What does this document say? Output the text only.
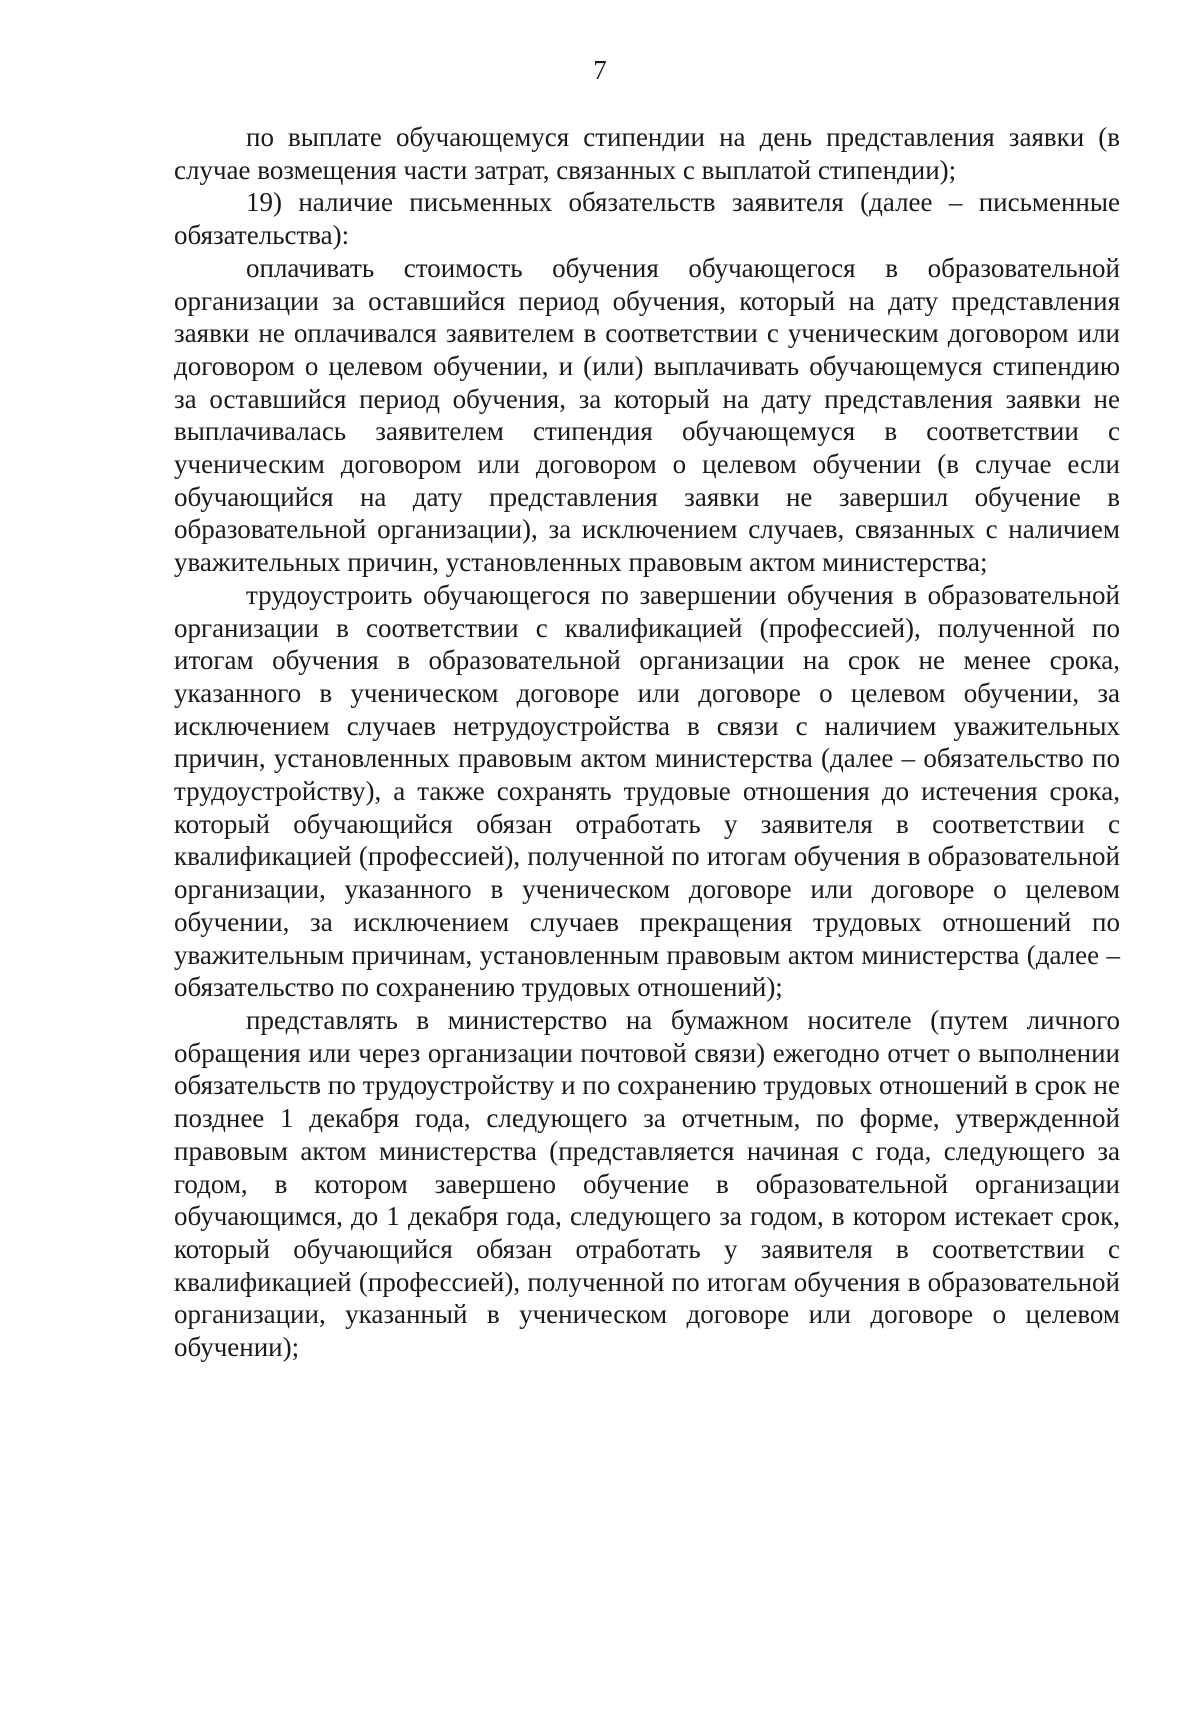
7

по выплате обучающемуся стипендии на день представления заявки (в случае возмещения части затрат, связанных с выплатой стипендии);

19) наличие письменных обязательств заявителя (далее – письменные обязательства):

оплачивать стоимость обучения обучающегося в образовательной организации за оставшийся период обучения, который на дату представления заявки не оплачивался заявителем в соответствии с ученическим договором или договором о целевом обучении, и (или) выплачивать обучающемуся стипендию за оставшийся период обучения, за который на дату представления заявки не выплачивалась заявителем стипендия обучающемуся в соответствии с ученическим договором или договором о целевом обучении (в случае если обучающийся на дату представления заявки не завершил обучение в образовательной организации), за исключением случаев, связанных с наличием уважительных причин, установленных правовым актом министерства;

трудоустроить обучающегося по завершении обучения в образовательной организации в соответствии с квалификацией (профессией), полученной по итогам обучения в образовательной организации на срок не менее срока, указанного в ученическом договоре или договоре о целевом обучении, за исключением случаев нетрудоустройства в связи с наличием уважительных причин, установленных правовым актом министерства (далее – обязательство по трудоустройству), а также сохранять трудовые отношения до истечения срока, который обучающийся обязан отработать у заявителя в соответствии с квалификацией (профессией), полученной по итогам обучения в образовательной организации, указанного в ученическом договоре или договоре о целевом обучении, за исключением случаев прекращения трудовых отношений по уважительным причинам, установленным правовым актом министерства (далее – обязательство по сохранению трудовых отношений);

представлять в министерство на бумажном носителе (путем личного обращения или через организации почтовой связи) ежегодно отчет о выполнении обязательств по трудоустройству и по сохранению трудовых отношений в срок не позднее 1 декабря года, следующего за отчетным, по форме, утвержденной правовым актом министерства (представляется начиная с года, следующего за годом, в котором завершено обучение в образовательной организации обучающимся, до 1 декабря года, следующего за годом, в котором истекает срок, который обучающийся обязан отработать у заявителя в соответствии с квалификацией (профессией), полученной по итогам обучения в образовательной организации, указанный в ученическом договоре или договоре о целевом обучении);
